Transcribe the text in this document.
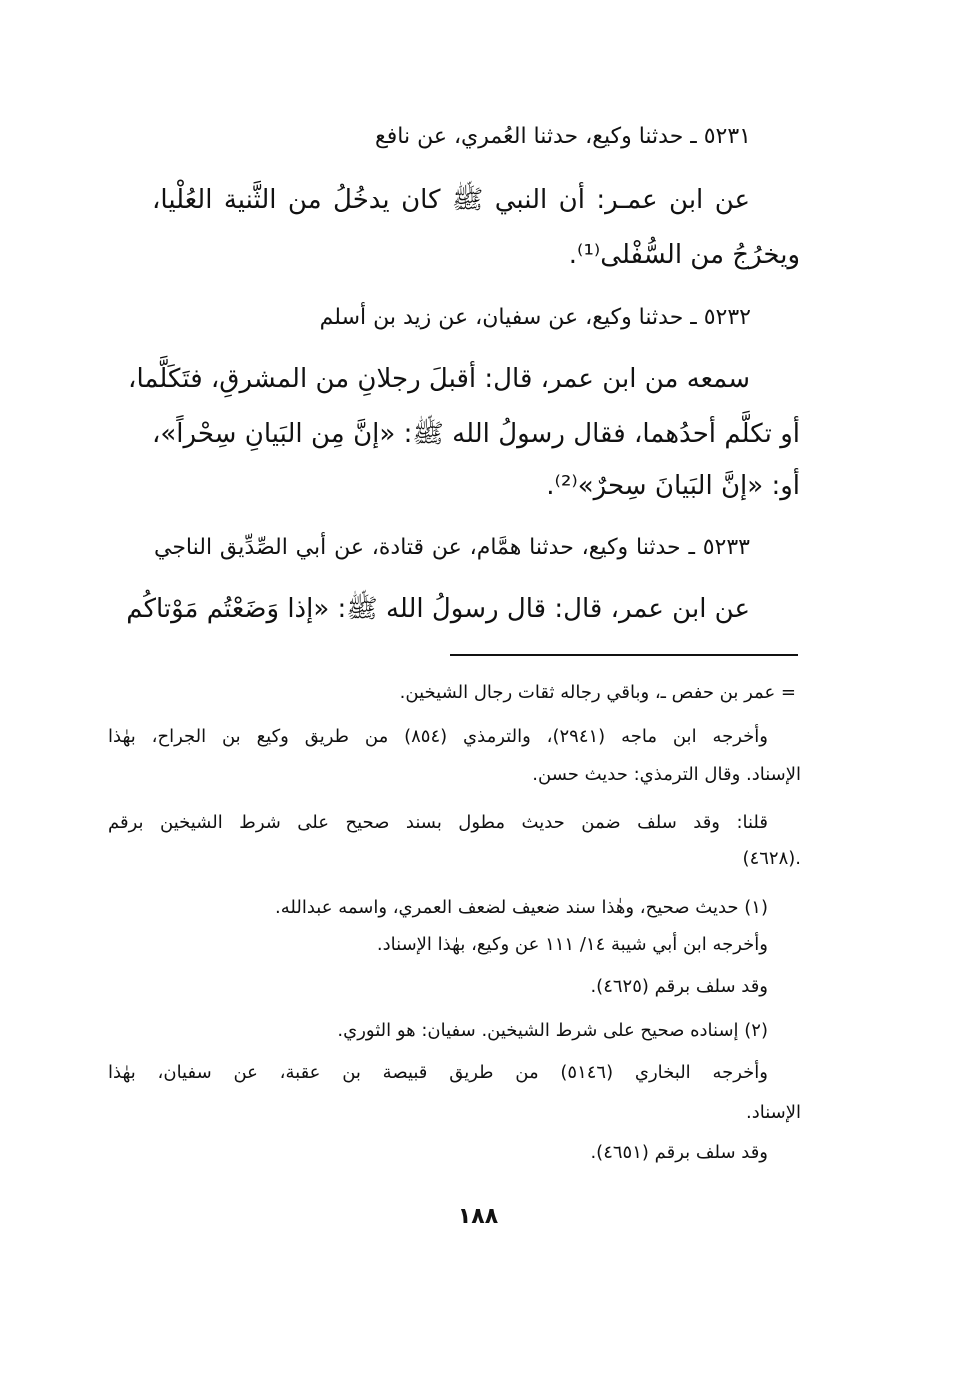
٥٢٣١ ـ حدثنا وكيع، حدثنا العُمري، عن نافع
عن ابن عمـر: أن النبي ﷺ كان يدخُلُ من الثَّنية العُلْيا،
ويخرُجُ من السُّفْلى⁽¹⁾.
٥٢٣٢ ـ حدثنا وكيع، عن سفيان، عن زيد بن أسلم
سمعه من ابن عمر، قال: أقبلَ رجلانِ من المشرقِ، فتَكَلَّما،
أو تكلَّم أحدُهما، فقال رسولُ الله ﷺ: «إنَّ مِن البَيانِ سِحْراً»،
أو: «إنَّ البَيانَ سِحرٌ»⁽²⁾.
٥٢٣٣ ـ حدثنا وكيع، حدثنا همَّام، عن قتادة، عن أبي الصِّدِّيق الناجي
عن ابن عمر، قال: قال رسولُ الله ﷺ: «إذا وَضَعْتُم مَوْتاكُم
= عمر بن حفص ـ، وباقي رجاله ثقات رجال الشيخين.
وأخرجه ابن ماجه (٢٩٤١)، والترمذي (٨٥٤) من طريق وكيع بن الجراح، بهٰذا
الإسناد. وقال الترمذي: حديث حسن.
قلنا: وقد سلف ضمن حديث مطول بسند صحيح على شرط الشيخين برقم
(٤٦٢٨).
(١) حديث صحيح، وهٰذا سند ضعيف لضعف العمري، واسمه عبدالله.
وأخرجه ابن أبي شيبة ١٤/ ١١١ عن وكيع، بهٰذا الإسناد.
وقد سلف برقم (٤٦٢٥).
(٢) إسناده صحيح على شرط الشيخين. سفيان: هو الثوري.
وأخرجه البخاري (٥١٤٦) من طريق قبيصة بن عقبة، عن سفيان، بهٰذا
الإسناد.
وقد سلف برقم (٤٦٥١).
١٨٨
